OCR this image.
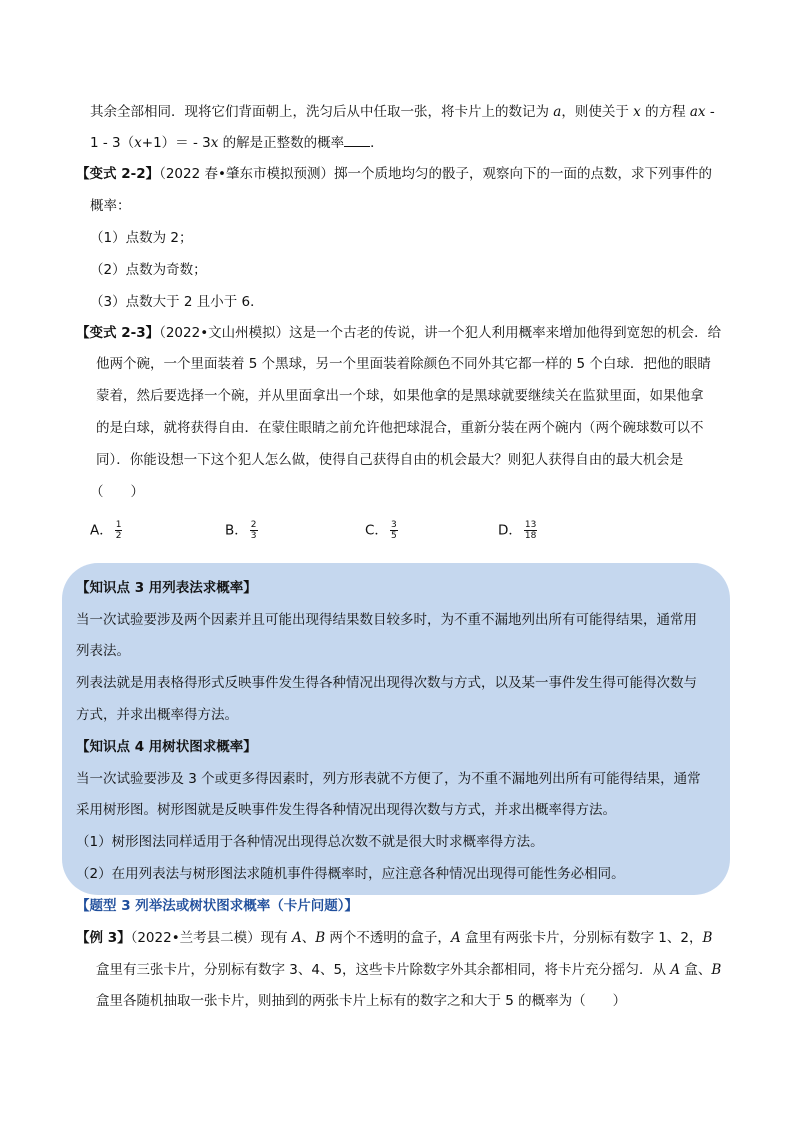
其余全部相同．现将它们背面朝上，洗匀后从中任取一张，将卡片上的数记为 a，则使关于 x 的方程 ax -
1 - 3（x+1）＝ - 3x 的解是正整数的概率 ．
【变式 2-2】（2022 春•肇东市模拟预测）掷一个质地均匀的骰子，观察向下的一面的点数，求下列事件的
概率：
（1）点数为 2；
（2）点数为奇数；
（3）点数大于 2 且小于 6．
【变式 2-3】（2022•文山州模拟）这是一个古老的传说，讲一个犯人利用概率来增加他得到宽恕的机会．给
他两个碗，一个里面装着 5 个黑球，另一个里面装着除颜色不同外其它都一样的 5 个白球．把他的眼睛
蒙着，然后要选择一个碗，并从里面拿出一个球，如果他拿的是黑球就要继续关在监狱里面，如果他拿
的是白球，就将获得自由．在蒙住眼睛之前允许他把球混合，重新分装在两个碗内（两个碗球数可以不
同）．你能设想一下这个犯人怎么做，使得自己获得自由的机会最大？则犯人获得自由的最大机会是
（　　）
A． $\frac{1}{2}$	B． $\frac{2}{3}$	C． $\frac{3}{5}$	D． $\frac{13}{18}$
【知识点 3 用列表法求概率】
当一次试验要涉及两个因素并且可能出现得结果数目较多时，为不重不漏地列出所有可能得结果，通常用
列表法。
列表法就是用表格得形式反映事件发生得各种情况出现得次数与方式，以及某一事件发生得可能得次数与
方式，并求出概率得方法。
【知识点 4 用树状图求概率】
当一次试验要涉及 3 个或更多得因素时，列方形表就不方便了，为不重不漏地列出所有可能得结果，通常
采用树形图。树形图就是反映事件发生得各种情况出现得次数与方式，并求出概率得方法。
（1）树形图法同样适用于各种情况出现得总次数不就是很大时求概率得方法。
（2）在用列表法与树形图法求随机事件得概率时，应注意各种情况出现得可能性务必相同。
【题型 3 列举法或树状图求概率（卡片问题）】
【例 3】（2022•兰考县二模）现有 A、B 两个不透明的盒子，A 盒里有两张卡片，分别标有数字 1、2，B
盒里有三张卡片，分别标有数字 3、4、5，这些卡片除数字外其余都相同，将卡片充分摇匀．从 A 盒、B
盒里各随机抽取一张卡片，则抽到的两张卡片上标有的数字之和大于 5 的概率为（　　）
